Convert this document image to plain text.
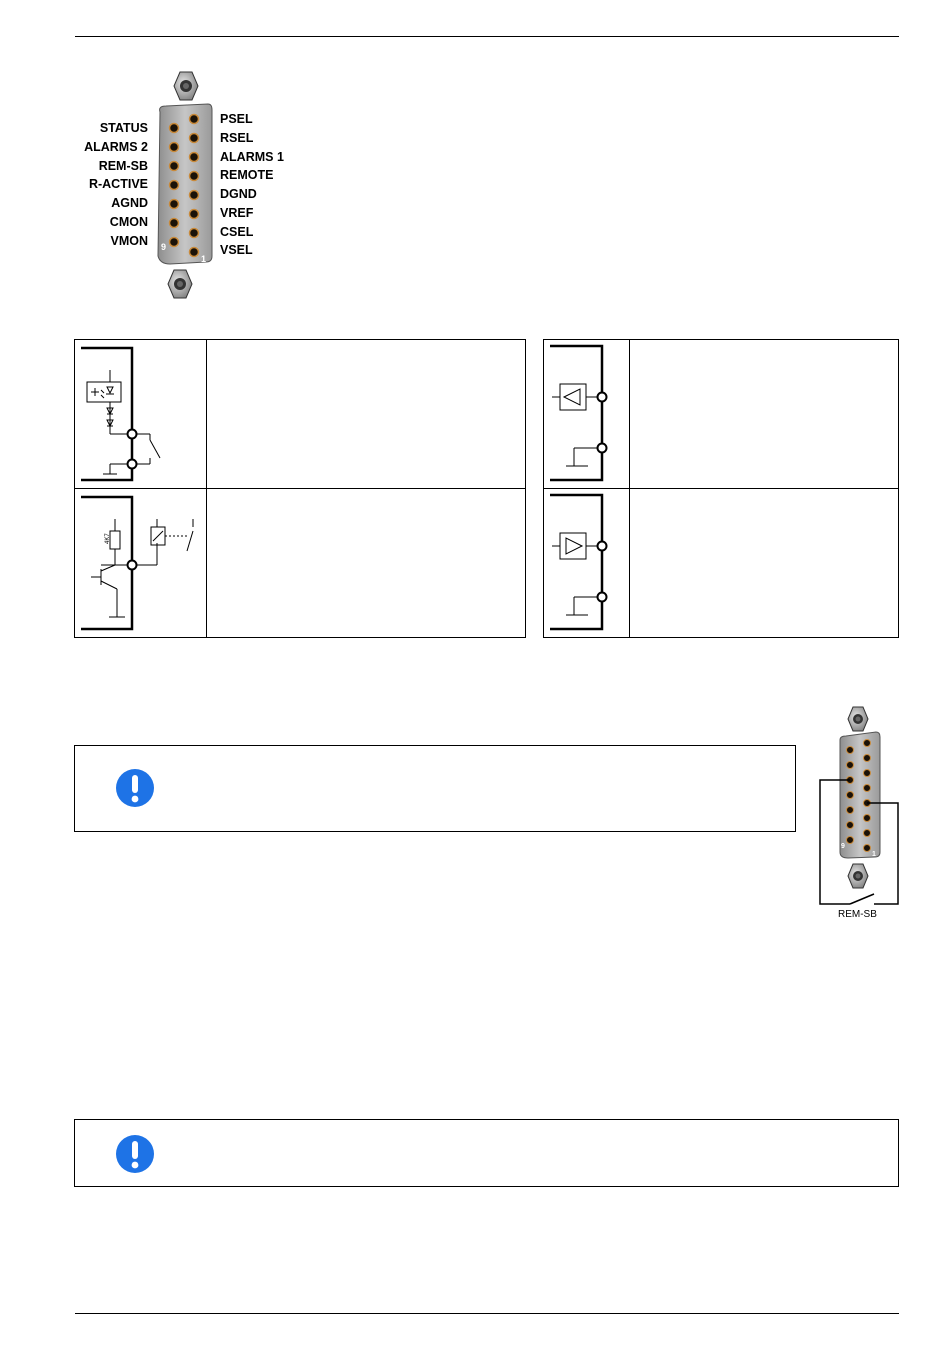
9
1
STATUS
ALARMS 2
REM-SB
R-ACTIVE
AGND
CMON
VMON
PSEL
RSEL
ALARMS 1
REMOTE
DGND
VREF
CSEL
VSEL
4K7
9
1
REM-SB
